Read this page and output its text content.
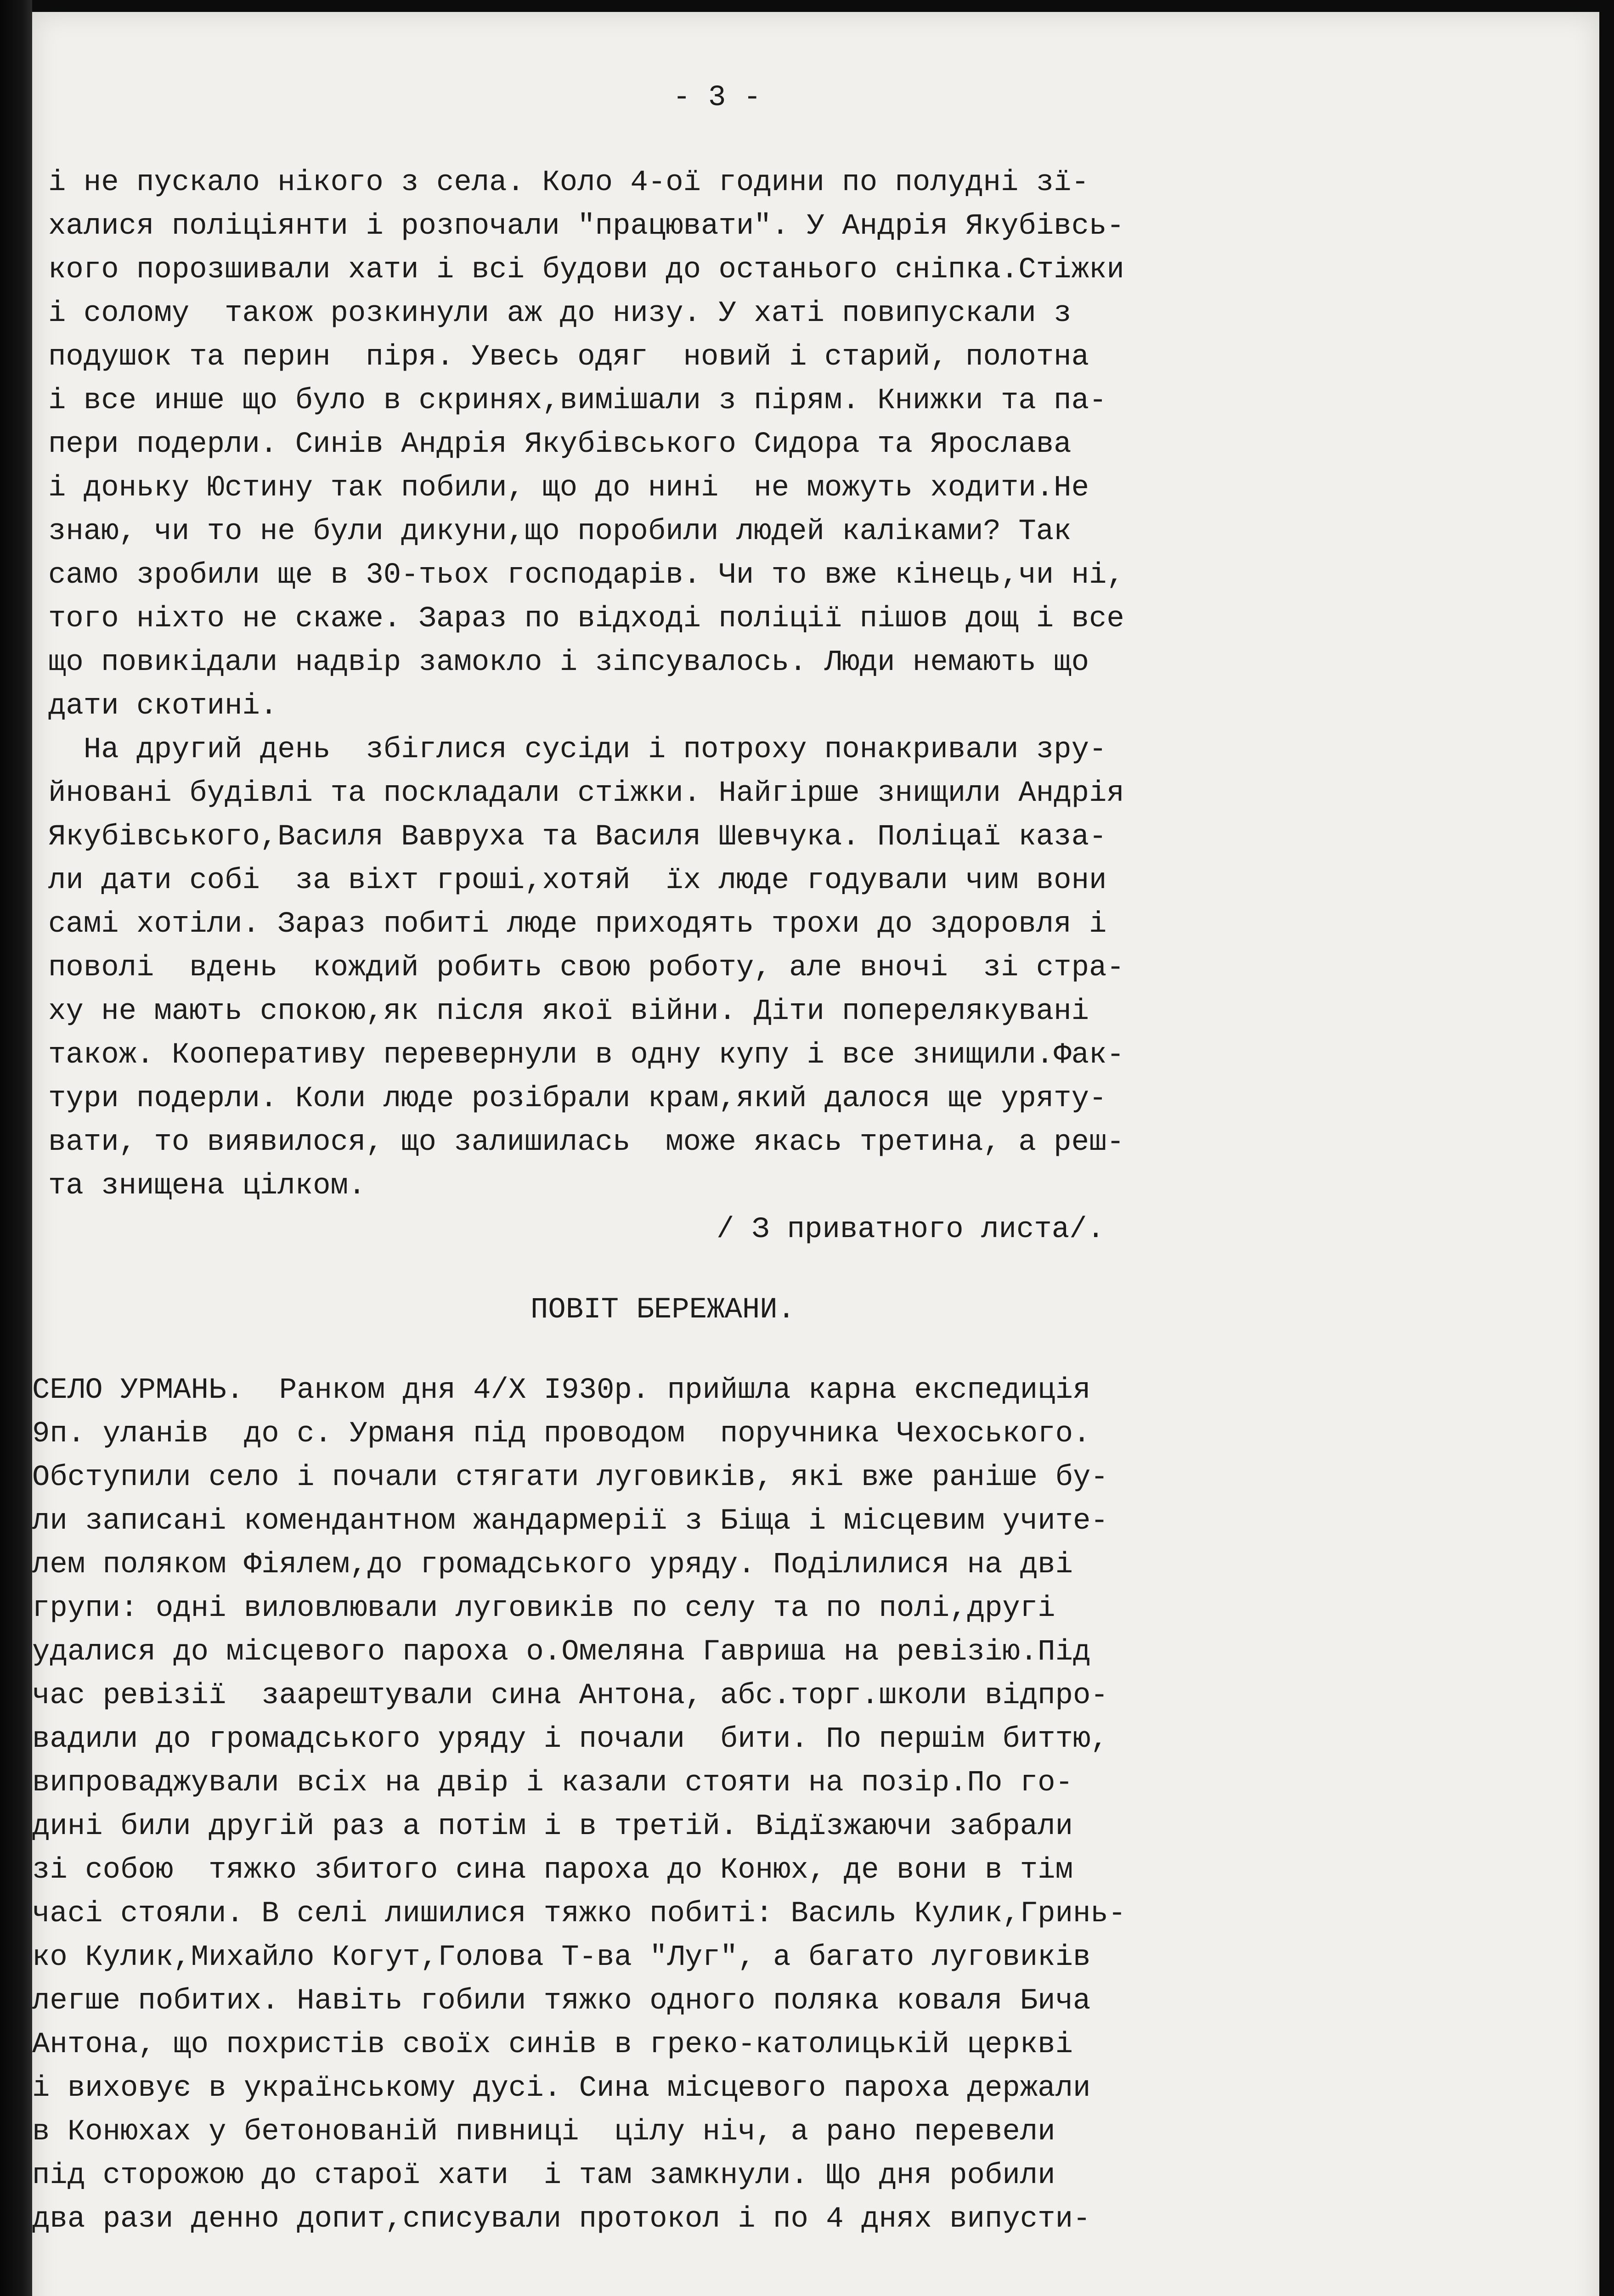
- 3 -

і не пускало нікого з села. Коло 4-ої години по полудні зї-

халися поліціянти і розпочали "працювати". У Андрія Якубівсь-

кого порозшивали хати і всі будови до останього сніпка.Стіжки

і солому  також розкинули аж до низу. У хаті повипускали з

подушок та перин  піря. Увесь одяг  новий і старий, полотна

і все инше що було в скринях,вимішали з пірям. Книжки та па-

пери подерли. Синів Андрія Якубівського Сидора та Ярослава

і доньку Юстину так побили, що до нині  не можуть ходити.Не

знаю, чи то не були дикуни,що поробили людей каліками? Так

само зробили ще в 30-тьох господарів. Чи то вже кінець,чи ні,

того ніхто не скаже. Зараз по відході поліції пішов дощ і все

що повикідали надвір замокло і зіпсувалось. Люди немають що

дати скотині.

На другий день  збіглися сусіди і потроху понакривали зру-

йновані будівлі та поскладали стіжки. Найгірше знищили Андрія

Якубівського,Василя Вавруха та Василя Шевчука. Поліцаї каза-

ли дати собі  за віхт гроші,хотяй  їх люде годували чим вони

самі хотіли. Зараз побиті люде приходять трохи до здоровля і

поволі  вдень  кождий робить свою роботу, але вночі  зі стра-

ху не мають спокою,як після якої війни. Діти поперелякувані

також. Кооперативу перевернули в одну купу і все знищили.Фак-

тури подерли. Коли люде розібрали крам,який далося ще уряту-

вати, то виявилося, що залишилась  може якась третина, а реш-

та знищена цілком.

/ З приватного листа/.

ПОВІТ БЕРЕЖАНИ.

СЕЛО УРМАНЬ.  Ранком дня 4/Х І930р. прийшла карна експедиція

9п. уланів  до с. Урманя під проводом  поручника Чехоського.

Обступили село і почали стягати луговиків, які вже раніше бу-

ли записані комендантном жандармерії з Біща і місцевим учите-

лем поляком Фіялем,до громадського уряду. Поділилися на дві

групи: одні виловлювали луговиків по селу та по полі,другі

удалися до місцевого пароха о.Омеляна Гавриша на ревізію.Під

час ревізії  заарештували сина Антона, абс.торг.школи відпро-

вадили до громадського уряду і почали  бити. По першім биттю,

випроваджували всіх на двір і казали стояти на позір.По го-

дині били другій раз а потім і в третій. Відїзжаючи забрали

зі собою  тяжко збитого сина пароха до Конюх, де вони в тім

часі стояли. В селі лишилися тяжко побиті: Василь Кулик,Гринь-

ко Кулик,Михайло Когут,Голова Т-ва "Луг", а багато луговиків

легше побитих. Навіть гобили тяжко одного поляка коваля Бича

Антона, що похристів своїх синів в греко-католицькій церкві

і виховує в українському дусі. Сина місцевого пароха держали

в Конюхах у бетонованій пивниці  цілу ніч, а рано перевели

під сторожою до старої хати  і там замкнули. Що дня робили

два рази денно допит,списували протокол і по 4 днях випусти-
